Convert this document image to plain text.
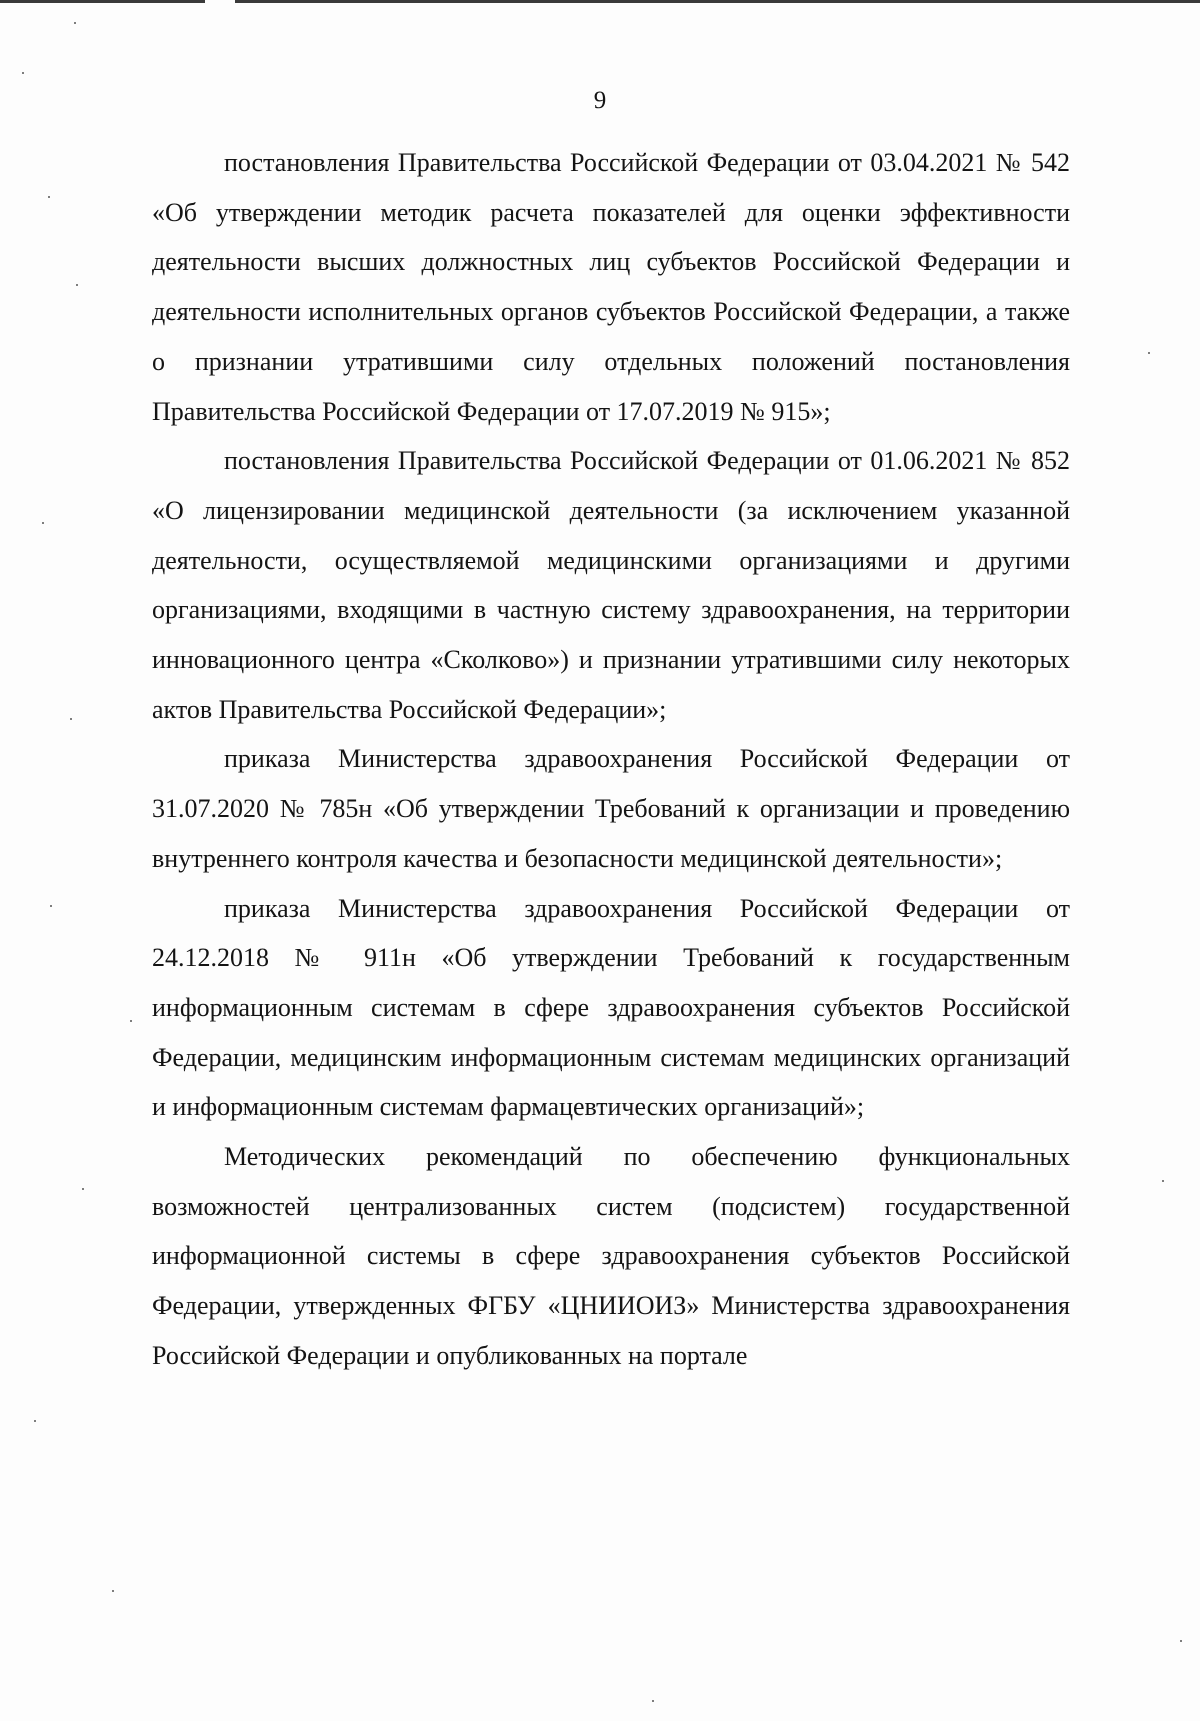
9

постановления Правительства Российской Федерации от 03.04.2021 № 542 «Об утверждении методик расчета показателей для оценки эффективности деятельности высших должностных лиц субъектов Российской Федерации и деятельности исполнительных органов субъектов Российской Федерации, а также о признании утратившими силу отдельных положений постановления Правительства Российской Федерации от 17.07.2019 № 915»;

постановления Правительства Российской Федерации от 01.06.2021 № 852 «О лицензировании медицинской деятельности (за исключением указанной деятельности, осуществляемой медицинскими организациями и другими организациями, входящими в частную систему здравоохранения, на территории инновационного центра «Сколково») и признании утратившими силу некоторых актов Правительства Российской Федерации»;

приказа Министерства здравоохранения Российской Федерации от 31.07.2020 № 785н «Об утверждении Требований к организации и проведению внутреннего контроля качества и безопасности медицинской деятельности»;

приказа Министерства здравоохранения Российской Федерации от 24.12.2018 № 911н «Об утверждении Требований к государственным информационным системам в сфере здравоохранения субъектов Российской Федерации, медицинским информационным системам медицинских организаций и информационным системам фармацевтических организаций»;

Методических рекомендаций по обеспечению функциональных возможностей централизованных систем (подсистем) государственной информационной системы в сфере здравоохранения субъектов Российской Федерации, утвержденных ФГБУ «ЦНИИОИЗ» Министерства здравоохранения Российской Федерации и опубликованных на портале
